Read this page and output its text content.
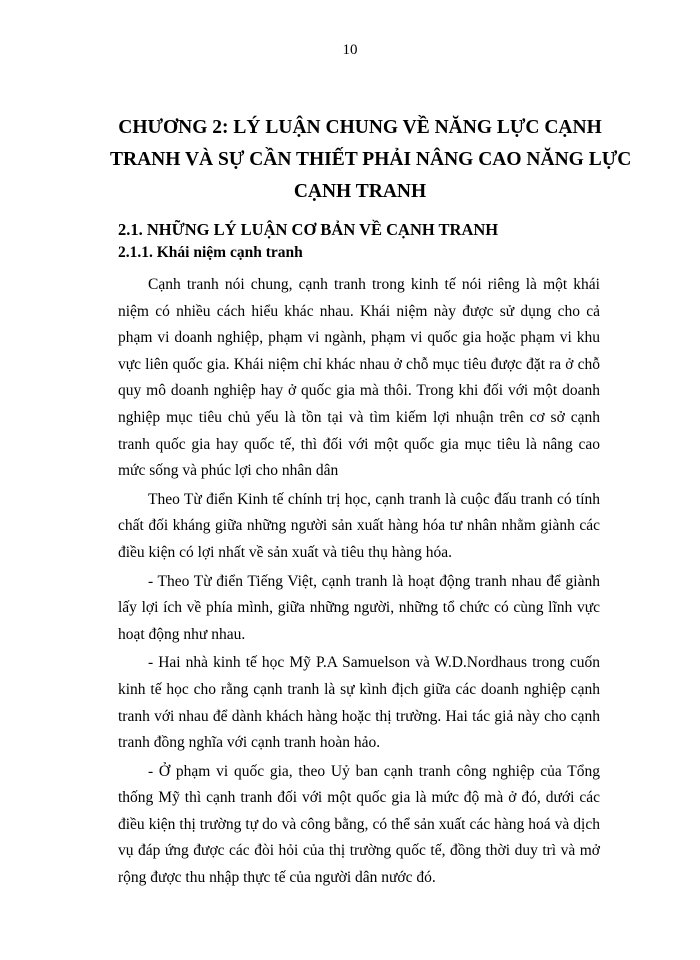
10
CHƯƠNG 2: LÝ LUẬN CHUNG VỀ NĂNG LỰC CẠNH
TRANH VÀ SỰ CẦN THIẾT PHẢI NÂNG CAO NĂNG LỰC
CẠNH TRANH
2.1. NHỮNG LÝ LUẬN CƠ BẢN VỀ CẠNH TRANH
2.1.1. Khái niệm cạnh tranh

Cạnh tranh nói chung, cạnh tranh trong kinh tế nói riêng là một khái niệm có nhiều cách hiểu khác nhau. Khái niệm này được sử dụng cho cả phạm vi doanh nghiệp, phạm vi ngành, phạm vi quốc gia hoặc phạm vi khu vực liên quốc gia. Khái niệm chỉ khác nhau ở chỗ mục tiêu được đặt ra ở chỗ quy mô doanh nghiệp hay ở quốc gia mà thôi. Trong khi đối với một doanh nghiệp mục tiêu chủ yếu là tồn tại và tìm kiếm lợi nhuận trên cơ sở cạnh tranh quốc gia hay quốc tế, thì đối với một quốc gia mục tiêu là nâng cao mức sống và phúc lợi cho nhân dân

Theo Từ điển Kinh tế chính trị học, cạnh tranh là cuộc đấu tranh có tính chất đối kháng giữa những người sản xuất hàng hóa tư nhân nhằm giành các điều kiện có lợi nhất về sản xuất và tiêu thụ hàng hóa.

- Theo Từ điển Tiếng Việt, cạnh tranh là hoạt động tranh nhau để giành lấy lợi ích về phía mình, giữa những người, những tổ chức có cùng lĩnh vực hoạt động như nhau.

- Hai nhà kinh tế học Mỹ P.A Samuelson và W.D.Nordhaus trong cuốn kinh tế học cho rằng cạnh tranh là sự kình địch giữa các doanh nghiệp cạnh tranh với nhau để dành khách hàng hoặc thị trường. Hai tác giả này cho cạnh tranh đồng nghĩa với cạnh tranh hoàn hảo.

- Ở phạm vi quốc gia, theo Uỷ ban cạnh tranh công nghiệp của Tổng thống Mỹ thì cạnh tranh đối với một quốc gia là mức độ mà ở đó, dưới các điều kiện thị trường tự do và công bằng, có thể sản xuất các hàng hoá và dịch vụ đáp ứng được các đòi hỏi của thị trường quốc tế, đồng thời duy trì và mở rộng được thu nhập thực tế của người dân nước đó.
